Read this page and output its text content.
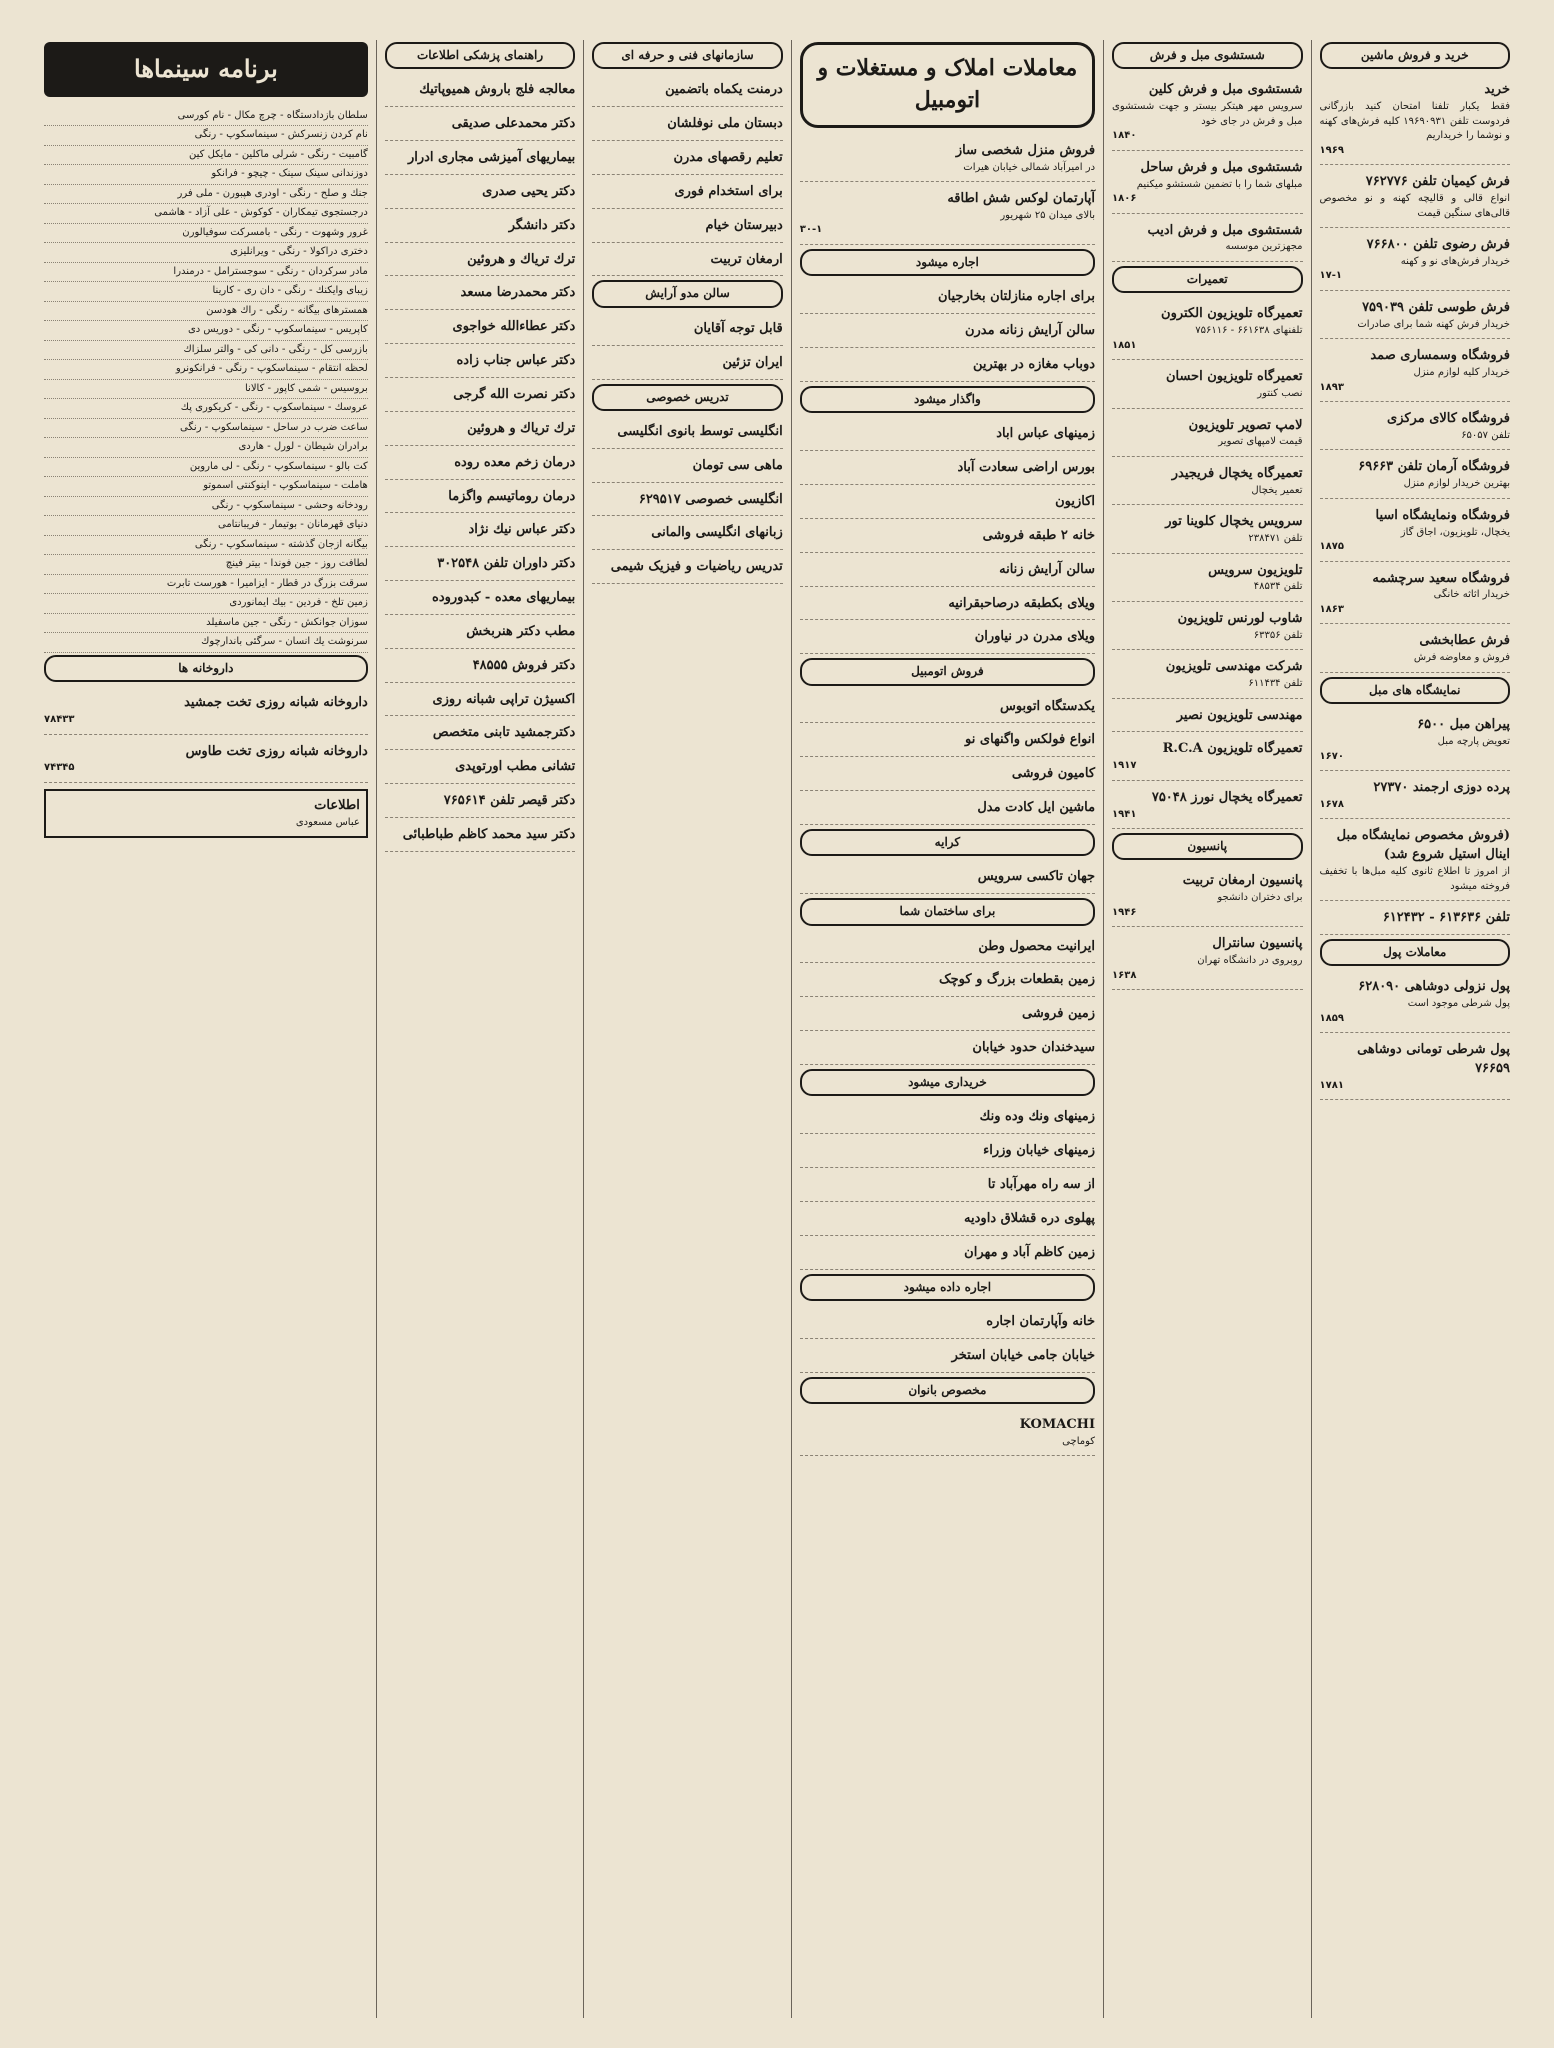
خرید و فروش ماشین
خرید
فقط یکبار تلفنا امتحان کنید بازرگانی فردوست تلفن ۱۹۶۹۰۹۳۱ کلیه فرش‌های کهنه و نوشما را خریداریم
۱۹۶۹
فرش کیمیان تلفن ۷۶۲۷۷۶
انواع قالی و قالیچه کهنه و نو مخصوص قالی‌های سنگین قیمت
فرش رضوی تلفن ۷۶۶۸۰۰
خریدار فرش‌های نو و کهنه
۱۷-۱
فرش طوسی تلفن ۷۵۹۰۳۹
خریدار فرش کهنه شما برای صادرات
فروشگاه وسمساری صمد
خریدار کلیه لوازم منزل
۱۸۹۳
فروشگاه کالای مرکزی
تلفن ۶۵۰۵۷
فروشگاه آرمان تلفن ۶۹۶۶۳
بهترین خریدار لوازم منزل
فروشگاه ونمایشگاه اسیا
یخچال، تلویزیون، اجاق گاز
۱۸۷۵
فروشگاه سعید سرچشمه
خریدار اثاثه خانگی
۱۸۶۳
فرش عطابخشی
فروش و معاوضه فرش
نمایشگاه های مبل
پیراهن مبل ۶۵۰۰
تعویض پارچه مبل
۱۶۷۰
پرده دوزی ارجمند ۲۷۳۷۰
۱۶۷۸
(فروش مخصوص نمایشگاه مبل اینال استیل شروع شد)
از امروز تا اطلاع ثانوی کلیه مبل‌ها با تخفیف فروخته میشود
تلفن ۶۱۳۶۳۶ - ۶۱۲۴۳۲
معاملات پول
پول نزولی دوشاهی ۶۲۸۰۹۰
پول شرطی موجود است
۱۸۵۹
پول شرطی تومانی دوشاهی ۷۶۶۵۹
۱۷۸۱
شستشوی مبل و فرش
شستشوی مبل و فرش کلین
سرویس مهر هیتکر بیستر و جهت شستشوی مبل و فرش در جای خود
۱۸۴۰
شستشوی مبل و فرش ساحل
مبلهای شما را با تضمین شستشو میکنیم
۱۸۰۶
شستشوی مبل و فرش ادیب
مجهزترین موسسه
تعمیرات
تعمیرگاه تلویزیون الکترون
تلفنهای ۶۶۱۶۳۸ - ۷۵۶۱۱۶
۱۸۵۱
تعمیرگاه تلویزیون احسان
نصب کنتور
لامپ تصویر تلویزیون
قیمت لامپهای تصویر
تعمیرگاه یخچال فریجیدر
تعمیر یخچال
سرویس یخچال کلوینا تور
تلفن ۲۳۸۴۷۱
تلویزیون سرویس
تلفن ۴۸۵۳۴
شاوب لورنس تلویزیون
تلفن ۶۳۳۵۶
شرکت مهندسی تلویزیون
تلفن ۶۱۱۴۳۴
مهندسی تلویزیون نصیر
تعمیرگاه تلویزیون R.C.A
۱۹۱۷
تعمیرگاه یخچال نورز ۷۵۰۴۸
۱۹۴۱
پانسیون
پانسیون ارمغان تربیت
برای دختران دانشجو
۱۹۴۶
پانسیون سانترال
روبروی در دانشگاه تهران
۱۶۳۸
معاملات املاک و مستغلات و اتومبیل
فروش منزل شخصی ساز
در امیرآباد شمالی خیابان هیرات
آپارتمان لوکس شش اطاقه
بالای میدان ۲۵ شهریور
۳۰-۱
اجاره میشود
برای اجاره منازلتان بخارجیان
سالن آرایش زنانه مدرن
دوباب مغازه در بهترین
واگذار میشود
زمینهای عباس اباد
بورس اراضی سعادت آباد
اکازیون
خانه ۲ طبقه فروشی
سالن آرایش زنانه
ویلای بکطبقه درصاحبقرانیه
ویلای مدرن در نیاوران
فروش اتومبیل
یکدستگاه اتوبوس
انواع فولکس واگنهای نو
کامیون فروشی
ماشین ایل کادت مدل
کرایه
جهان تاکسی سرویس
برای ساختمان شما
ایرانیت محصول وطن
زمین بقطعات بزرگ و کوچک
زمین فروشی
سیدخندان حدود خیابان
خریداری میشود
زمینهای ونك وده ونك
زمینهای خیابان وزراء
از سه راه مهرآباد تا
پهلوی دره قشلاق داودیه
زمین کاظم آباد و مهران
اجاره داده میشود
خانه وآپارتمان اجاره
خیابان جامی خیابان استخر
مخصوص بانوان
KOMACHI
کوماچی
سازمانهای فنی و حرفه ای
درمنت یکماه باتضمین
دبستان ملی نوفلشان
تعلیم رقصهای مدرن
برای استخدام فوری
دبیرستان خیام
ارمغان تربیت
سالن مدو آرایش
قابل توجه آقایان
ایران تزئین
تدریس خصوصی
انگلیسی توسط بانوی انگلیسی
ماهی سی تومان
انگلیسی خصوصی ۶۲۹۵۱۷
زبانهای انگلیسی والمانی
تدریس ریاضیات و فیزیک شیمی
راهنمای پزشکی اطلاعات
معالجه فلج باروش همیوپاتیك
دکتر محمدعلی صدیقی
بیماریهای آمیزشی مجاری ادرار
دکتر یحیی صدری
دکتر دانشگر
ترك تریاك و هروئین
دکتر محمدرضا مسعد
دکتر عطاءالله خواجوی
دکتر عباس جناب زاده
دکتر نصرت الله گرجی
ترك تریاك و هروئین
درمان زخم معده روده
درمان روماتیسم واگزما
دکتر عباس نیك نژاد
دکتر داوران تلفن ۳۰۲۵۴۸
بیماریهای معده - کبدوروده
مطب دکتر هنربخش
دکتر فروش ۴۸۵۵۵
اکسیژن تراپی شبانه روزی
دکترجمشید تابنی متخصص
تشانی مطب اورتوپدی
دکتر قیصر تلفن ۷۶۵۶۱۴
دکتر سید محمد کاظم طباطبائی
برنامه سینماها
سلطان بازدادستگاه - چرچ مکال - نام کورسی
نام کردن زنسرکش - سینماسکوپ - رنگی
گامبیت - رنگی - شرلی ماکلین - مایکل کین
دوزندانی سینک سینک - چیچو - فرانکو
جنك و صلح - رنگی - اودری هپبورن - ملی فرر
درجستجوی تیمکاران - کوکوش - علی آزاد - هاشمی
غرور وشهوت - رنگی - بامسرکت سوفیالورن
دختری دراکولا - رنگی - ویرانلیزی
مادر سرکردان - رنگی - سوجسترامل - درمندرا
زیبای وایکنك - رنگی - دان ری - کارینا
همسترهای بیگانه - رنگی - راك هودسن
کاپریس - سینماسکوپ - رنگی - دوریس دی
بازرسی کل - رنگی - دانی کی - والتر سلزاك
لحظه انتقام - سینماسکوپ - رنگی - فرانکونرو
بروسیس - شمی کاپور - کالانا
عروسك - سینماسکوپ - رنگی - کریکوری پك
ساعت ضرب در ساحل - سینماسکوپ - رنگی
برادران شیطان - لورل - هاردی
کت بالو - سینماسکوپ - رنگی - لی ماروین
هاملت - سینماسکوپ - اینوکنتی اسموتو
رودخانه وحشی - سینماسکوپ - رنگی
دنیای قهرمانان - بوتیمار - فریبانتامی
بیگانه ازجان گذشته - سینماسکوپ - رنگی
لطافت روز - جین فوندا - بیتر فینچ
سرقت بزرگ در قطار - ایزامیرا - هورست تابرت
زمین تلخ - فردین - بیك ایمانوردی
سوزان جوانکش - رنگی - جین ماسفیلد
سرنوشت یك انسان - سرگئی باندارچوك
داروخانه ها
داروخانه شبانه روزی تخت جمشید
۷۸۴۳۳
داروخانه شبانه روزی تخت طاوس
۷۴۳۴۵
اطلاعات
عباس مسعودی
